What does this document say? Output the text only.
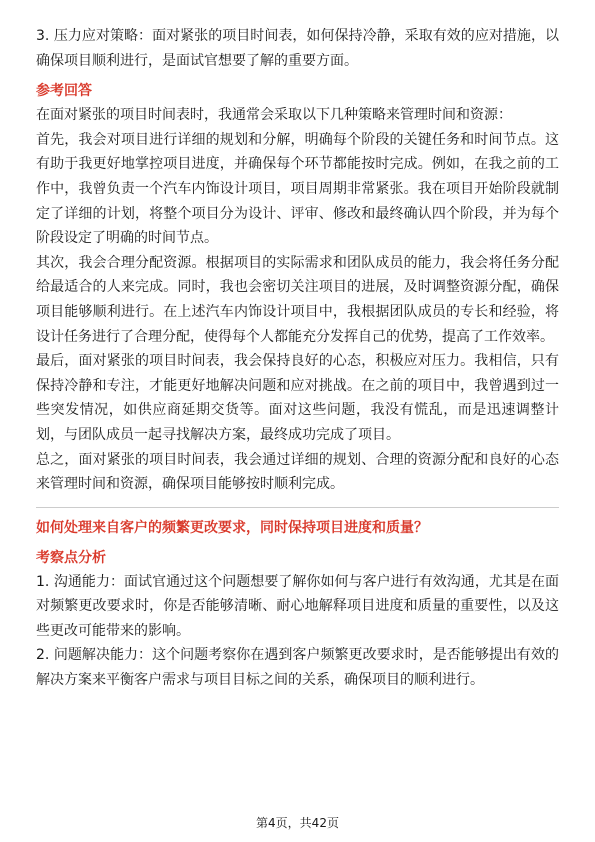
3. 压力应对策略：面对紧张的项目时间表，如何保持冷静，采取有效的应对措施，以确保项目顺利进行，是面试官想要了解的重要方面。

参考回答

在面对紧张的项目时间表时，我通常会采取以下几种策略来管理时间和资源：

首先，我会对项目进行详细的规划和分解，明确每个阶段的关键任务和时间节点。这有助于我更好地掌控项目进度，并确保每个环节都能按时完成。例如，在我之前的工作中，我曾负责一个汽车内饰设计项目，项目周期非常紧张。我在项目开始阶段就制定了详细的计划，将整个项目分为设计、评审、修改和最终确认四个阶段，并为每个阶段设定了明确的时间节点。

其次，我会合理分配资源。根据项目的实际需求和团队成员的能力，我会将任务分配给最适合的人来完成。同时，我也会密切关注项目的进展，及时调整资源分配，确保项目能够顺利进行。在上述汽车内饰设计项目中，我根据团队成员的专长和经验，将设计任务进行了合理分配，使得每个人都能充分发挥自己的优势，提高了工作效率。

最后，面对紧张的项目时间表，我会保持良好的心态，积极应对压力。我相信，只有保持冷静和专注，才能更好地解决问题和应对挑战。在之前的项目中，我曾遇到过一些突发情况，如供应商延期交货等。面对这些问题，我没有慌乱，而是迅速调整计划，与团队成员一起寻找解决方案，最终成功完成了项目。

总之，面对紧张的项目时间表，我会通过详细的规划、合理的资源分配和良好的心态来管理时间和资源，确保项目能够按时顺利完成。

如何处理来自客户的频繁更改要求，同时保持项目进度和质量？

考察点分析

1. 沟通能力：面试官通过这个问题想要了解你如何与客户进行有效沟通，尤其是在面对频繁更改要求时，你是否能够清晰、耐心地解释项目进度和质量的重要性，以及这些更改可能带来的影响。

2. 问题解决能力：这个问题考察你在遇到客户频繁更改要求时，是否能够提出有效的解决方案来平衡客户需求与项目目标之间的关系，确保项目的顺利进行。

第4页，共42页
